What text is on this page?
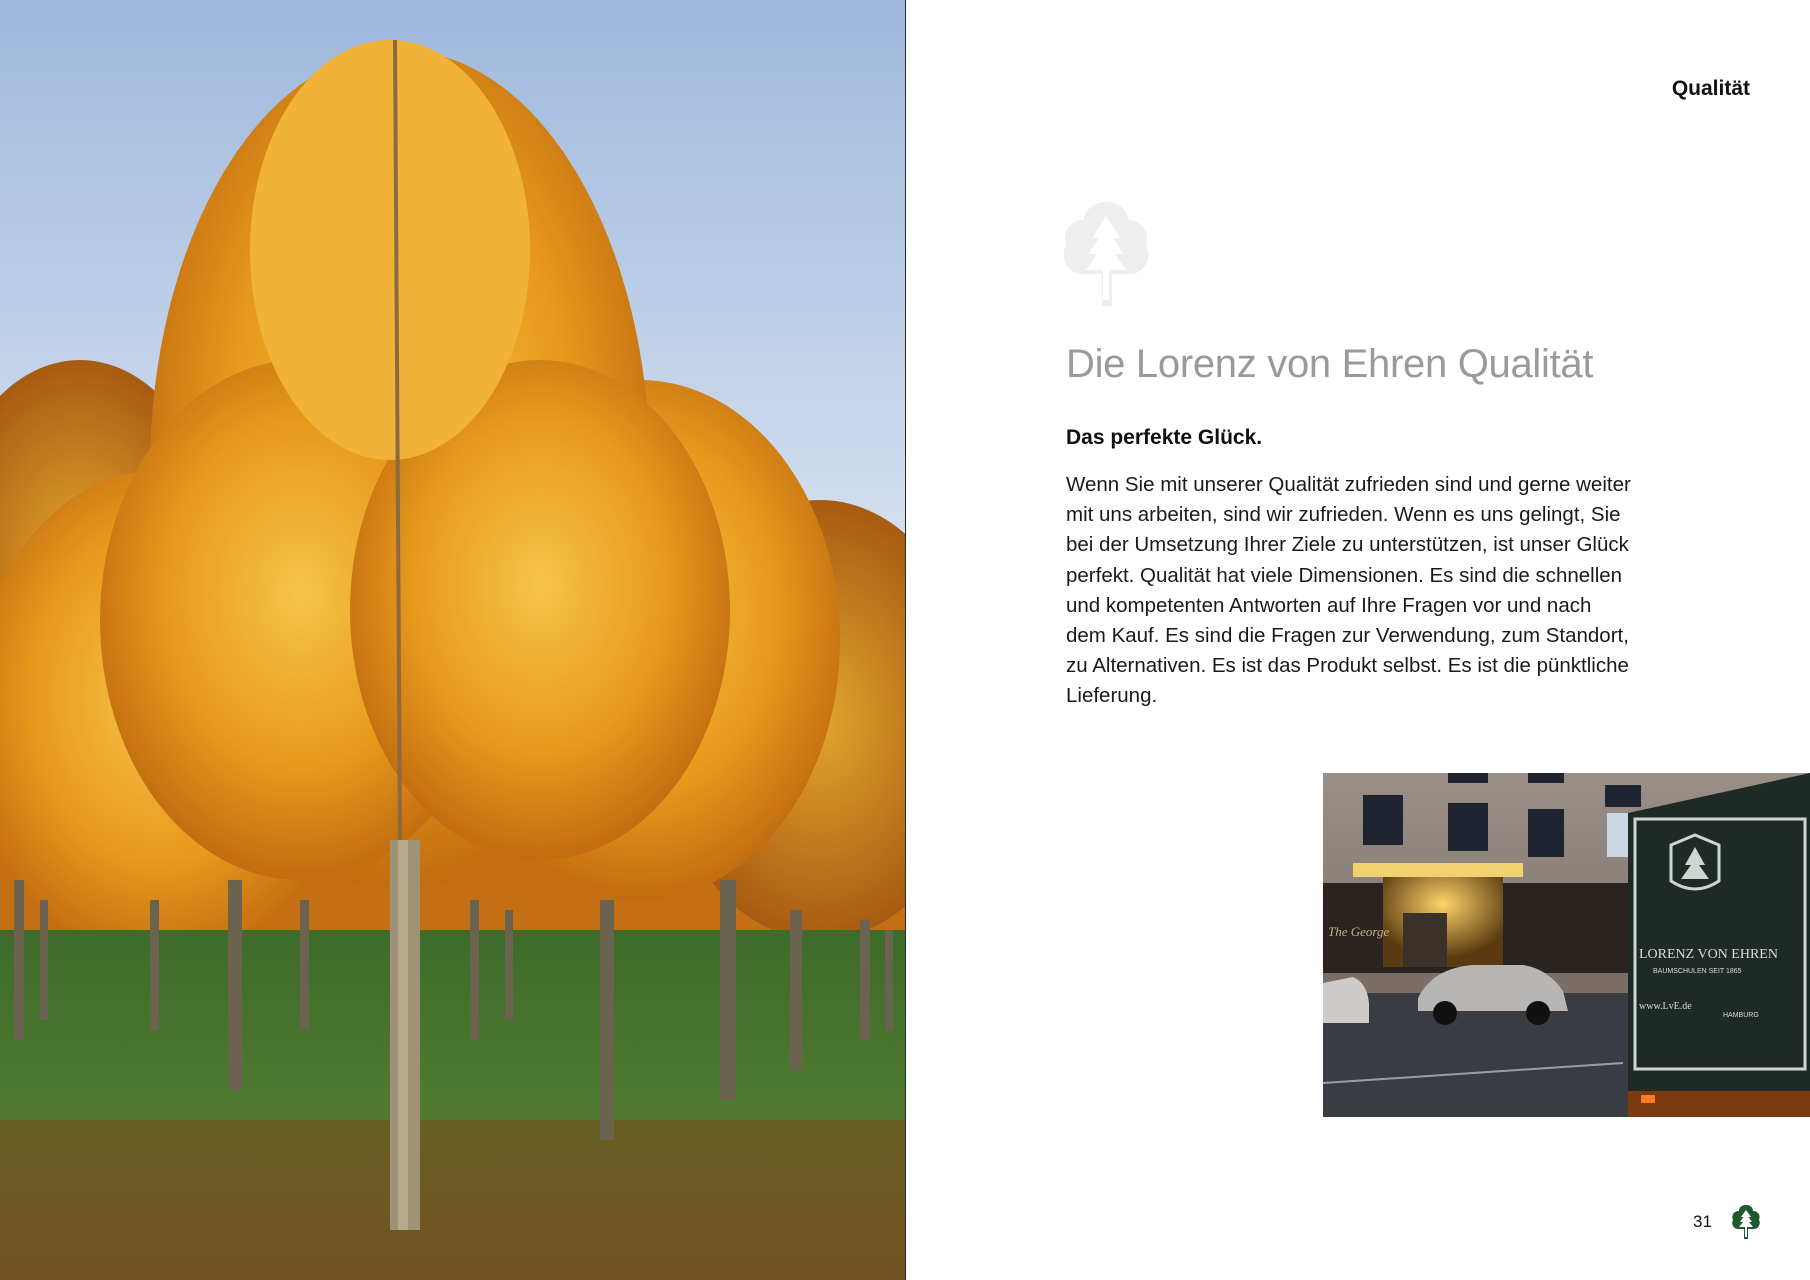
Qualität
Die Lorenz von Ehren Qualität
Das perfekte Glück.
Wenn Sie mit unserer Qualität zufrieden sind und gerne weiter
mit uns arbeiten, sind wir zufrieden. Wenn es uns gelingt, Sie
bei der Umsetzung Ihrer Ziele zu unterstützen, ist unser Glück
perfekt. Qualität hat viele Dimensionen. Es sind die schnellen
und kompetenten Antworten auf Ihre Fragen vor und nach
dem Kauf. Es sind die Fragen zur Verwendung, zum Standort,
zu Alternativen. Es ist das Produkt selbst. Es ist die pünktliche
Lieferung.
The George
LORENZ VON EHREN
BAUMSCHULEN SEIT 1865
www.LvE.de
HAMBURG
31
